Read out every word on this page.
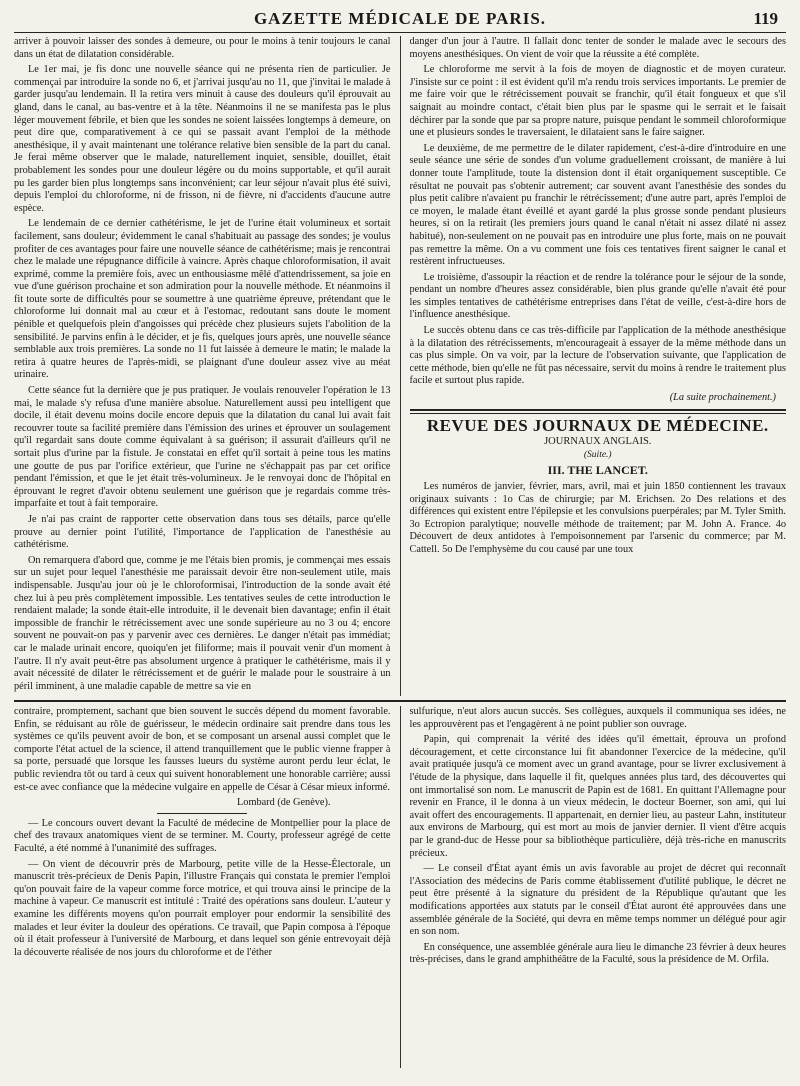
GAZETTE MÉDICALE DE PARIS.	119

arriver à pouvoir laisser des sondes à demeure, ou pour le moins à tenir toujours le canal dans un état de dilatation considérable.

Le 1er mai, je fis donc une nouvelle séance qui ne présenta rien de particulier. Je commençai par introduire la sonde no 6, et j'arrivai jusqu'au no 11, que j'invitai le malade à garder jusqu'au lendemain. Il la retira vers minuit à cause des douleurs qu'il éprouvait au gland, dans le canal, au bas-ventre et à la tête. Néanmoins il ne se manifesta pas le plus léger mouvement fébrile, et bien que les sondes ne soient laissées longtemps à demeure, on peut dire que, comparativement à ce qui se passait avant l'emploi de la méthode anesthésique, il y avait maintenant une tolérance relative bien sensible de la part du canal. Je ferai même observer que le malade, naturellement inquiet, sensible, douillet, était probablement les sondes pour une douleur légère ou du moins supportable, et qu'il aurait pu les garder bien plus longtemps sans inconvénient; car leur séjour n'avait plus été suivi, depuis l'emploi du chloroforme, ni de frisson, ni de fièvre, ni d'accidents d'aucune autre espèce.

Le lendemain de ce dernier cathétérisme, le jet de l'urine était volumineux et sortait facilement, sans douleur; évidemment le canal s'habituait au passage des sondes; je voulus profiter de ces avantages pour faire une nouvelle séance de cathétérisme; mais je rencontrai chez le malade une répugnance difficile à vaincre. Après chaque chloroformisation, il avait exprimé, comme la première fois, avec un enthousiasme mêlé d'attendrissement, sa joie en vue d'une guérison prochaine et son admiration pour la nouvelle méthode. Et néanmoins il fit toute sorte de difficultés pour se soumettre à une quatrième épreuve, prétendant que le chloroforme lui donnait mal au cœur et à l'estomac, redoutant sans doute le moment pénible et quelquefois plein d'angoisses qui précède chez plusieurs sujets l'abolition de la sensibilité. Je parvins enfin à le décider, et je fis, quelques jours après, une nouvelle séance semblable aux trois premières. La sonde no 11 fut laissée à demeure le matin; le malade la retira à quatre heures de l'après-midi, se plaignant d'une douleur assez vive au méat urinaire.

Cette séance fut la dernière que je pus pratiquer. Je voulais renouveler l'opération le 13 mai, le malade s'y refusa d'une manière absolue. Naturellement aussi peu intelligent que docile, il était devenu moins docile encore depuis que la dilatation du canal lui avait fait recouvrer toute sa facilité première dans l'émission des urines et éprouver un soulagement qu'il regardait sans doute comme équivalant à sa guérison; il assurait d'ailleurs qu'il ne sortait plus d'urine par la fistule. Je constatai en effet qu'il sortait à peine tous les matins une goutte de pus par l'orifice extérieur, que l'urine ne s'échappait pas par cet orifice pendant l'émission, et que le jet était très-volumineux. Je le renvoyai donc de l'hôpital en éprouvant le regret d'avoir obtenu seulement une guérison que je regardais comme très-imparfaite et tout à fait temporaire.

Je n'ai pas craint de rapporter cette observation dans tous ses détails, parce qu'elle prouve au dernier point l'utilité, l'importance de l'application de l'anesthésie au cathétérisme.

On remarquera d'abord que, comme je me l'étais bien promis, je commençai mes essais sur un sujet pour lequel l'anesthésie me paraissait devoir être non-seulement utile, mais indispensable. Jusqu'au jour où je le chloroformisai, l'introduction de la sonde avait été chez lui à peu près complètement impossible. Les tentatives seules de cette introduction le rendaient malade; la sonde était-elle introduite, il le devenait bien davantage; enfin il était impossible de franchir le rétrécissement avec une sonde supérieure au no 3 ou 4; encore souvent ne pouvait-on pas y parvenir avec ces dernières. Le danger n'était pas immédiat; car le malade urinait encore, quoiqu'en jet filiforme; mais il pouvait venir d'un moment à l'autre. Il n'y avait peut-être pas absolument urgence à pratiquer le cathétérisme, mais il y avait nécessité de dilater le rétrécissement et de guérir le malade pour le soustraire à un péril imminent, à une maladie capable de mettre sa vie en

danger d'un jour à l'autre. Il fallait donc tenter de sonder le malade avec le secours des moyens anesthésiques. On vient de voir que la réussite a été complète.

Le chloroforme me servit à la fois de moyen de diagnostic et de moyen curateur. J'insiste sur ce point : il est évident qu'il m'a rendu trois services importants. Le premier de me faire voir que le rétrécissement pouvait se franchir, qu'il était fongueux et que s'il saignait au moindre contact, c'était bien plus par le spasme qui le serrait et le faisait déchirer par la sonde que par sa propre nature, puisque pendant le sommeil chloroformique une et plusieurs sondes le traversaient, le dilataient sans le faire saigner.

Le deuxième, de me permettre de le dilater rapidement, c'est-à-dire d'introduire en une seule séance une série de sondes d'un volume graduellement croissant, de manière à lui donner toute l'amplitude, toute la distension dont il était organiquement susceptible. Ce résultat ne pouvait pas s'obtenir autrement; car souvent avant l'anesthésie des sondes du plus petit calibre n'avaient pu franchir le rétrécissement; d'une autre part, après l'emploi de ce moyen, le malade étant éveillé et ayant gardé la plus grosse sonde pendant plusieurs heures, si on la retirait (les premiers jours quand le canal n'était ni assez dilaté ni assez habitué), non-seulement on ne pouvait pas en introduire une plus forte, mais on ne pouvait pas remettre la même. On a vu comment une fois ces tentatives firent saigner le canal et restèrent infructueuses.

Le troisième, d'assoupir la réaction et de rendre la tolérance pour le séjour de la sonde, pendant un nombre d'heures assez considérable, bien plus grande qu'elle n'avait été pour les simples tentatives de cathétérisme entreprises dans l'état de veille, c'est-à-dire hors de l'influence anesthésique.

Le succès obtenu dans ce cas très-difficile par l'application de la méthode anesthésique à la dilatation des rétrécissements, m'encourageait à essayer de la même méthode dans un cas plus simple. On va voir, par la lecture de l'observation suivante, que l'application de cette méthode, bien qu'elle ne fût pas nécessaire, servit du moins à rendre le traitement plus facile et surtout plus rapide.

(La suite prochainement.)
REVUE DES JOURNAUX DE MÉDECINE.
JOURNAUX ANGLAIS.
(Suite.)
III. THE LANCET.

Les numéros de janvier, février, mars, avril, mai et juin 1850 contiennent les travaux originaux suivants : 1o Cas de chirurgie; par M. Erichsen. 2o Des relations et des différences qui existent entre l'épilepsie et les convulsions puerpérales; par M. Tyler Smith. 3o Ectropion paralytique; nouvelle méthode de traitement; par M. John A. France. 4o Découvert de deux antidotes à l'empoisonnement par l'arsenic du commerce; par M. Cattell. 5o De l'emphysème du cou causé par une toux

contraire, promptement, sachant que bien souvent le succès dépend du moment favorable. Enfin, se réduisant au rôle de guérisseur, le médecin ordinaire sait prendre dans tous les systèmes ce qu'ils peuvent avoir de bon, et se composant un arsenal aussi complet que le comporte l'état actuel de la science, il attend tranquillement que le public vienne frapper à sa porte, persuadé que lorsque les fausses lueurs du système auront perdu leur éclat, le public reviendra tôt ou tard à ceux qui suivent honorablement une honorable carrière; aussi est-ce avec confiance que la médecine vulgaire en appelle de César à César mieux informé.

Lombard (de Genève).

— Le concours ouvert devant la Faculté de médecine de Montpellier pour la place de chef des travaux anatomiques vient de se terminer. M. Courty, professeur agrégé de cette Faculté, a été nommé à l'unanimité des suffrages.

— On vient de découvrir près de Marbourg, petite ville de la Hesse-Électorale, un manuscrit très-précieux de Denis Papin, l'illustre Français qui constata le premier l'emploi qu'on pouvait faire de la vapeur comme force motrice, et qui trouva ainsi le principe de la machine à vapeur. Ce manuscrit est intitulé : Traité des opérations sans douleur. L'auteur y examine les différents moyens qu'on pourrait employer pour endormir la sensibilité des malades et leur éviter la douleur des opérations. Ce travail, que Papin composa à l'époque où il était professeur à l'université de Marbourg, et dans lequel son génie entrevoyait déjà la découverte réalisée de nos jours du chloroforme et de l'éther

sulfurique, n'eut alors aucun succès. Ses collègues, auxquels il communiqua ses idées, ne les approuvèrent pas et l'engagèrent à ne point publier son ouvrage.

Papin, qui comprenait la vérité des idées qu'il émettait, éprouva un profond découragement, et cette circonstance lui fit abandonner l'exercice de la médecine, qu'il avait pratiquée jusqu'à ce moment avec un grand avantage, pour se livrer exclusivement à l'étude de la physique, dans laquelle il fit, quelques années plus tard, des découvertes qui ont immortalisé son nom. Le manuscrit de Papin est de 1681. En quittant l'Allemagne pour revenir en France, il le donna à un vieux médecin, le docteur Boerner, son ami, qui lui avait offert des encouragements. Il appartenait, en dernier lieu, au pasteur Lahn, instituteur aux environs de Marbourg, qui est mort au mois de janvier dernier. Il vient d'être acquis par le grand-duc de Hesse pour sa bibliothèque particulière, déjà très-riche en manuscrits précieux.

— Le conseil d'État ayant émis un avis favorable au projet de décret qui reconnaît l'Association des médecins de Paris comme établissement d'utilité publique, le décret ne peut être présenté à la signature du président de la République qu'autant que les modifications apportées aux statuts par le conseil d'État auront été approuvées dans une assemblée générale de la Société, qui devra en même temps nommer un délégué pour agir en son nom.

En conséquence, une assemblée générale aura lieu le dimanche 23 février à deux heures très-précises, dans le grand amphithéâtre de la Faculté, sous la présidence de M. Orfila.
